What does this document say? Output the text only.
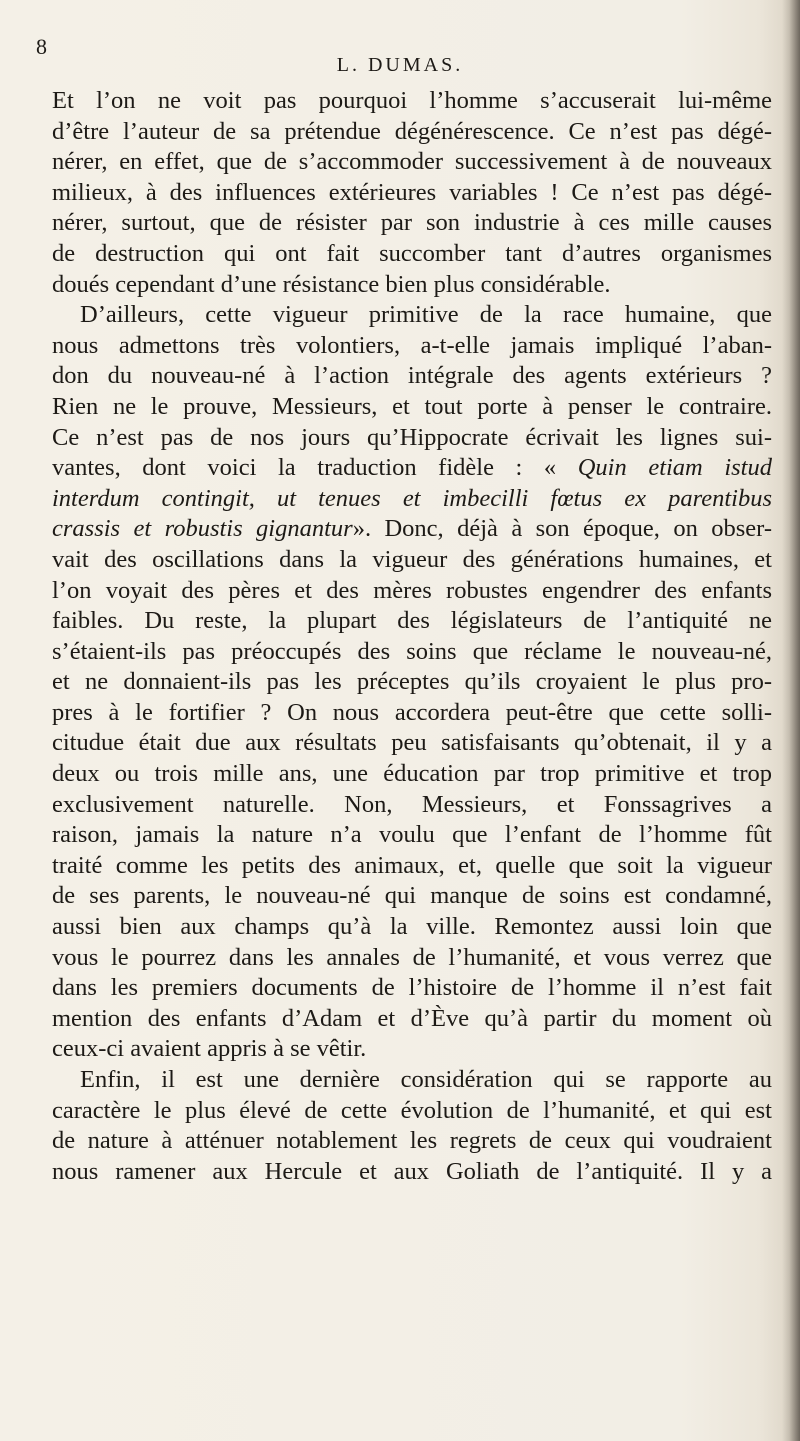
8
L. DUMAS.
Et l’on ne voit pas pourquoi l’homme s’accuserait lui-même
d’être l’auteur de sa prétendue dégénérescence. Ce n’est pas dégé-
nérer, en effet, que de s’accommoder successivement à de nouveaux
milieux, à des influences extérieures variables ! Ce n’est pas dégé-
nérer, surtout, que de résister par son industrie à ces mille causes
de destruction qui ont fait succomber tant d’autres organismes
doués cependant d’une résistance bien plus considérable.
D’ailleurs, cette vigueur primitive de la race humaine, que
nous admettons très volontiers, a-t-elle jamais impliqué l’aban-
don du nouveau-né à l’action intégrale des agents extérieurs ?
Rien ne le prouve, Messieurs, et tout porte à penser le contraire.
Ce n’est pas de nos jours qu’Hippocrate écrivait les lignes sui-
vantes, dont voici la traduction fidèle : « Quin etiam istud
interdum contingit, ut tenues et imbecilli fœtus ex parentibus
crassis et robustis gignantur». Donc, déjà à son époque, on obser-
vait des oscillations dans la vigueur des générations humaines, et
l’on voyait des pères et des mères robustes engendrer des enfants
faibles. Du reste, la plupart des législateurs de l’antiquité ne
s’étaient-ils pas préoccupés des soins que réclame le nouveau-né,
et ne donnaient-ils pas les préceptes qu’ils croyaient le plus pro-
pres à le fortifier ? On nous accordera peut-être que cette solli-
citudue était due aux résultats peu satisfaisants qu’obtenait, il y a
deux ou trois mille ans, une éducation par trop primitive et trop
exclusivement naturelle. Non, Messieurs, et Fonssagrives a
raison, jamais la nature n’a voulu que l’enfant de l’homme fût
traité comme les petits des animaux, et, quelle que soit la vigueur
de ses parents, le nouveau-né qui manque de soins est condamné,
aussi bien aux champs qu’à la ville. Remontez aussi loin que
vous le pourrez dans les annales de l’humanité, et vous verrez que
dans les premiers documents de l’histoire de l’homme il n’est fait
mention des enfants d’Adam et d’Ève qu’à partir du moment où
ceux-ci avaient appris à se vêtir.
Enfin, il est une dernière considération qui se rapporte au
caractère le plus élevé de cette évolution de l’humanité, et qui est
de nature à atténuer notablement les regrets de ceux qui voudraient
nous ramener aux Hercule et aux Goliath de l’antiquité. Il y a
